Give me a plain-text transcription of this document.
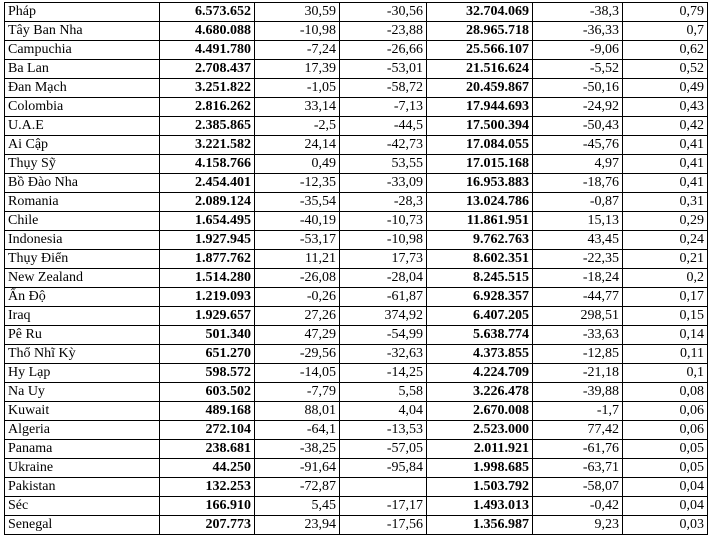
Pháp	6.573.652	30,59	-30,56	32.704.069	-38,3	0,79
Tây Ban Nha	4.680.088	-10,98	-23,88	28.965.718	-36,33	0,7
Campuchia	4.491.780	-7,24	-26,66	25.566.107	-9,06	0,62
Ba Lan	2.708.437	17,39	-53,01	21.516.624	-5,52	0,52
Đan Mạch	3.251.822	-1,05	-58,72	20.459.867	-50,16	0,49
Colombia	2.816.262	33,14	-7,13	17.944.693	-24,92	0,43
U.A.E	2.385.865	-2,5	-44,5	17.500.394	-50,43	0,42
Ai Cập	3.221.582	24,14	-42,73	17.084.055	-45,76	0,41
Thụy Sỹ	4.158.766	0,49	53,55	17.015.168	4,97	0,41
Bồ Đào Nha	2.454.401	-12,35	-33,09	16.953.883	-18,76	0,41
Romania	2.089.124	-35,54	-28,3	13.024.786	-0,87	0,31
Chile	1.654.495	-40,19	-10,73	11.861.951	15,13	0,29
Indonesia	1.927.945	-53,17	-10,98	9.762.763	43,45	0,24
Thụy Điển	1.877.762	11,21	17,73	8.602.351	-22,35	0,21
New Zealand	1.514.280	-26,08	-28,04	8.245.515	-18,24	0,2
Ấn Độ	1.219.093	-0,26	-61,87	6.928.357	-44,77	0,17
Iraq	1.929.657	27,26	374,92	6.407.205	298,51	0,15
Pê Ru	501.340	47,29	-54,99	5.638.774	-33,63	0,14
Thổ Nhĩ Kỳ	651.270	-29,56	-32,63	4.373.855	-12,85	0,11
Hy Lạp	598.572	-14,05	-14,25	4.224.709	-21,18	0,1
Na Uy	603.502	-7,79	5,58	3.226.478	-39,88	0,08
Kuwait	489.168	88,01	4,04	2.670.008	-1,7	0,06
Algeria	272.104	-64,1	-13,53	2.523.000	77,42	0,06
Panama	238.681	-38,25	-57,05	2.011.921	-61,76	0,05
Ukraine	44.250	-91,64	-95,84	1.998.685	-63,71	0,05
Pakistan	132.253	-72,87		1.503.792	-58,07	0,04
Séc	166.910	5,45	-17,17	1.493.013	-0,42	0,04
Senegal	207.773	23,94	-17,56	1.356.987	9,23	0,03
